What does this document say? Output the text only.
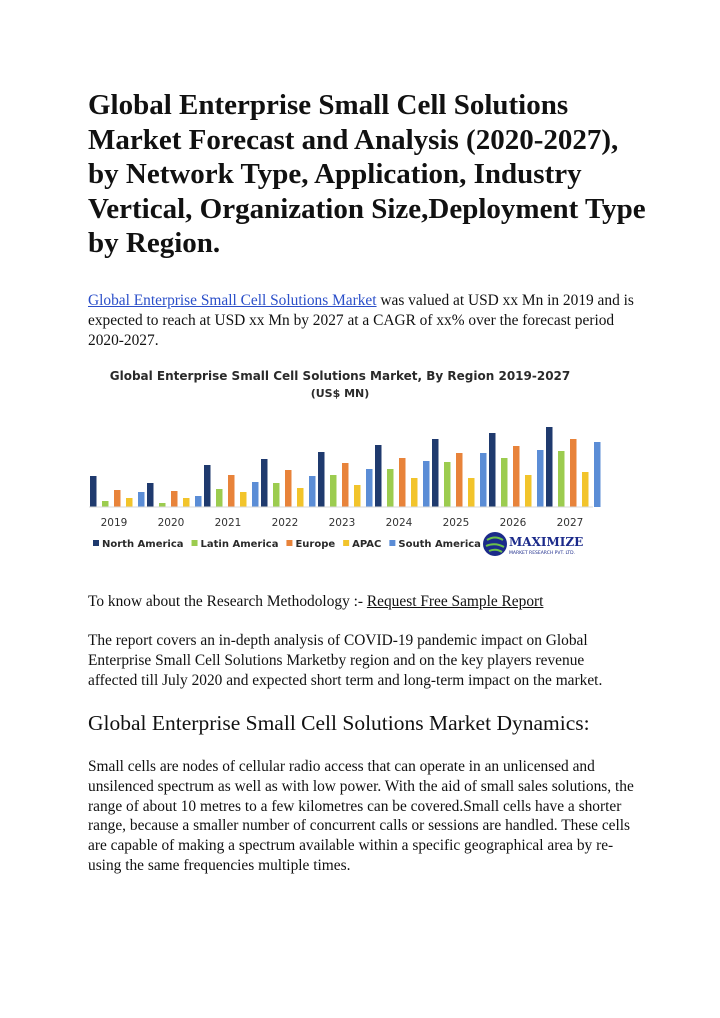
Global Enterprise Small Cell Solutions Market Forecast and Analysis (2020-2027), by Network Type, Application, Industry Vertical, Organization Size,Deployment Type by Region.

Global Enterprise Small Cell Solutions Market was valued at USD xx Mn in 2019 and is expected to reach at USD xx Mn by 2027 at a CAGR of xx% over the forecast period 2020-2027.

To know about the Research Methodology :- Request Free Sample Report

The report covers an in-depth analysis of COVID-19 pandemic impact on Global Enterprise Small Cell Solutions Marketby region and on the key players revenue affected till July 2020 and expected short term and long-term impact on the market.

Global Enterprise Small Cell Solutions Market Dynamics:

Small cells are nodes of cellular radio access that can operate in an unlicensed and unsilenced spectrum as well as with low power. With the aid of small sales solutions, the range of about 10 metres to a few kilometres can be covered.Small cells have a shorter range, because a smaller number of concurrent calls or sessions are handled. These cells are capable of making a spectrum available within a specific geographical area by re-using the same frequencies multiple times.

Global Enterprise Small Cell Solutions Market, By Region 2019-2027
(US$ MN)
2019	2020	2021	2022	2023	2024	2025	2026	2027
North America Latin America Europe APAC South America MAXIMIZE
MARKET RESEARCH PVT. LTD.
